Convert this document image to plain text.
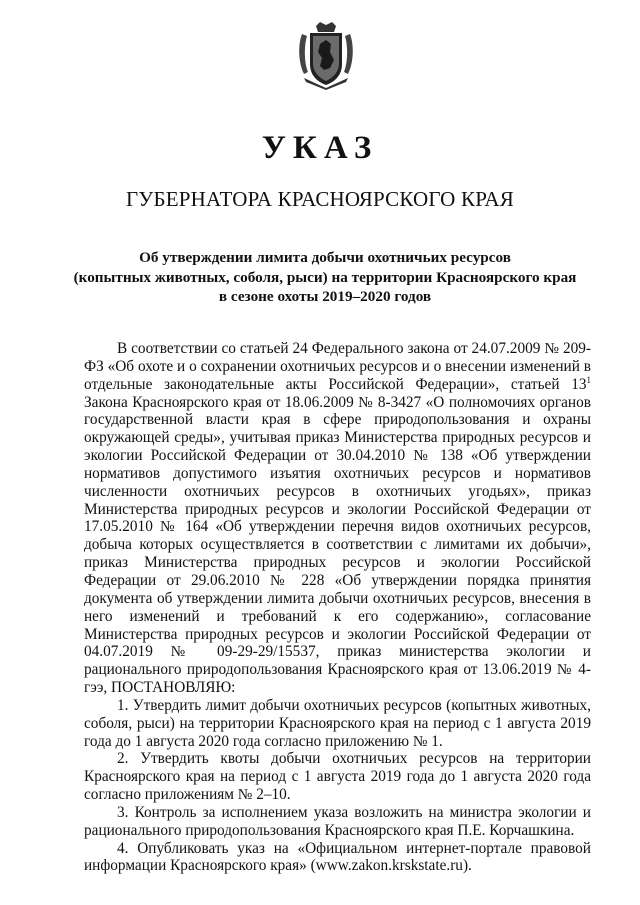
УКАЗ
ГУБЕРНАТОРА КРАСНОЯРСКОГО КРАЯ
Об утверждении лимита добычи охотничьих ресурсов
(копытных животных, соболя, рыси) на территории Красноярского края
в сезоне охоты 2019–2020 годов

В соответствии со статьей 24 Федерального закона от 24.07.2009 № 209-ФЗ «Об охоте и о сохранении охотничьих ресурсов и о внесении изменений в отдельные законодательные акты Российской Федерации», статьей $13^1$ Закона Красноярского края от 18.06.2009 № 8-3427 «О полномочиях органов государственной власти края в сфере природопользования и охраны окружающей среды», учитывая приказ Министерства природных ресурсов и экологии Российской Федерации от 30.04.2010 № 138 «Об утверждении нормативов допустимого изъятия охотничьих ресурсов и нормативов численности охотничьих ресурсов в охотничьих угодьях», приказ Министерства природных ресурсов и экологии Российской Федерации от 17.05.2010 № 164 «Об утверждении перечня видов охотничьих ресурсов, добыча которых осуществляется в соответствии с лимитами их добычи», приказ Министерства природных ресурсов и экологии Российской Федерации от 29.06.2010 № 228 «Об утверждении порядка принятия документа об утверждении лимита добычи охотничьих ресурсов, внесения в него изменений и требований к его содержанию», согласование Министерства природных ресурсов и экологии Российской Федерации от 04.07.2019 № 09-29-29/15537, приказ министерства экологии и рационального природопользования Красноярского края от 13.06.2019 № 4-гээ, ПОСТАНОВЛЯЮ:

1. Утвердить лимит добычи охотничьих ресурсов (копытных животных, соболя, рыси) на территории Красноярского края на период с 1 августа 2019 года до 1 августа 2020 года согласно приложению № 1.

2. Утвердить квоты добычи охотничьих ресурсов на территории Красноярского края на период с 1 августа 2019 года до 1 августа 2020 года согласно приложениям № 2–10.

3. Контроль за исполнением указа возложить на министра экологии и рационального природопользования Красноярского края П.Е. Корчашкина.

4. Опубликовать указ на «Официальном интернет-портале правовой информации Красноярского края» (www.zakon.krskstate.ru).
